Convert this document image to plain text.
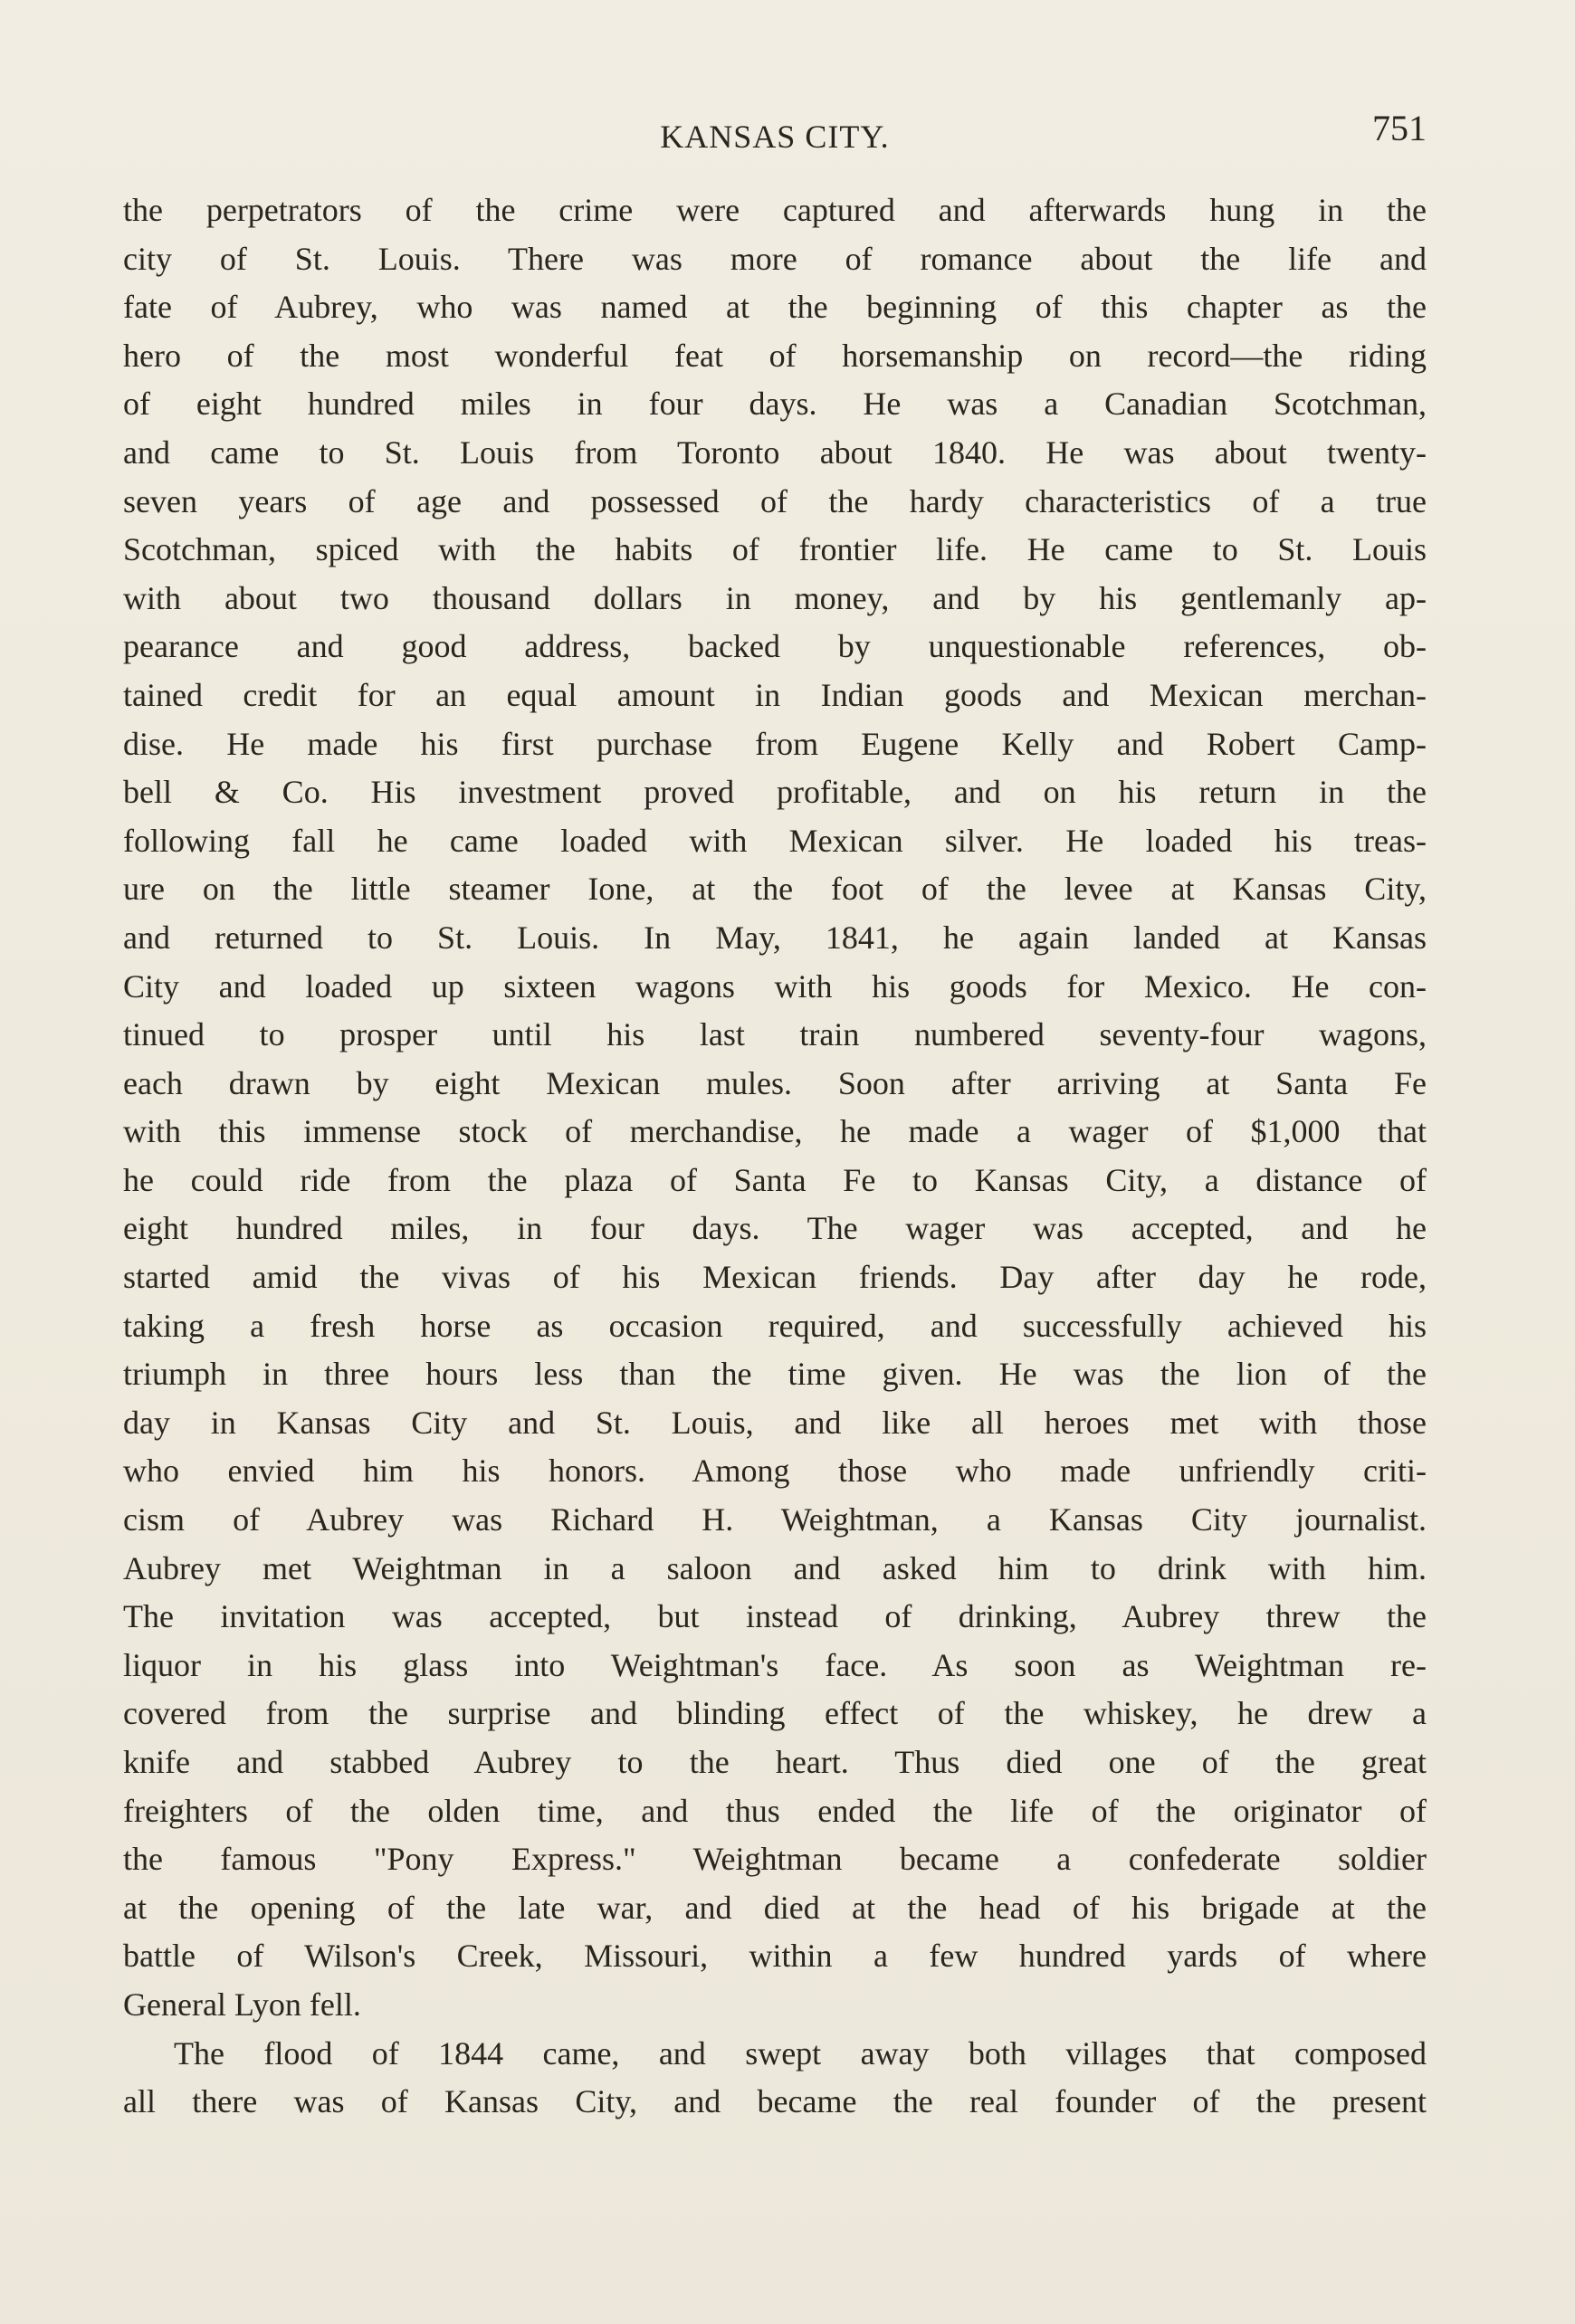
KANSAS CITY.	751
the perpetrators of the crime were captured and afterwards hung in the
city of St. Louis. There was more of romance about the life and
fate of Aubrey, who was named at the beginning of this chapter as the
hero of the most wonderful feat of horsemanship on record—the riding
of eight hundred miles in four days. He was a Canadian Scotchman,
and came to St. Louis from Toronto about 1840. He was about twenty-
seven years of age and possessed of the hardy characteristics of a true
Scotchman, spiced with the habits of frontier life. He came to St. Louis
with about two thousand dollars in money, and by his gentlemanly ap-
pearance and good address, backed by unquestionable references, ob-
tained credit for an equal amount in Indian goods and Mexican merchan-
dise. He made his first purchase from Eugene Kelly and Robert Camp-
bell & Co. His investment proved profitable, and on his return in the
following fall he came loaded with Mexican silver. He loaded his treas-
ure on the little steamer Ione, at the foot of the levee at Kansas City,
and returned to St. Louis. In May, 1841, he again landed at Kansas
City and loaded up sixteen wagons with his goods for Mexico. He con-
tinued to prosper until his last train numbered seventy-four wagons,
each drawn by eight Mexican mules. Soon after arriving at Santa Fe
with this immense stock of merchandise, he made a wager of $1,000 that
he could ride from the plaza of Santa Fe to Kansas City, a distance of
eight hundred miles, in four days. The wager was accepted, and he
started amid the vivas of his Mexican friends. Day after day he rode,
taking a fresh horse as occasion required, and successfully achieved his
triumph in three hours less than the time given. He was the lion of the
day in Kansas City and St. Louis, and like all heroes met with those
who envied him his honors. Among those who made unfriendly criti-
cism of Aubrey was Richard H. Weightman, a Kansas City journalist.
Aubrey met Weightman in a saloon and asked him to drink with him.
The invitation was accepted, but instead of drinking, Aubrey threw the
liquor in his glass into Weightman's face. As soon as Weightman re-
covered from the surprise and blinding effect of the whiskey, he drew a
knife and stabbed Aubrey to the heart. Thus died one of the great
freighters of the olden time, and thus ended the life of the originator of
the famous "Pony Express." Weightman became a confederate soldier
at the opening of the late war, and died at the head of his brigade at the
battle of Wilson's Creek, Missouri, within a few hundred yards of where
General Lyon fell.
The flood of 1844 came, and swept away both villages that composed
all there was of Kansas City, and became the real founder of the present
